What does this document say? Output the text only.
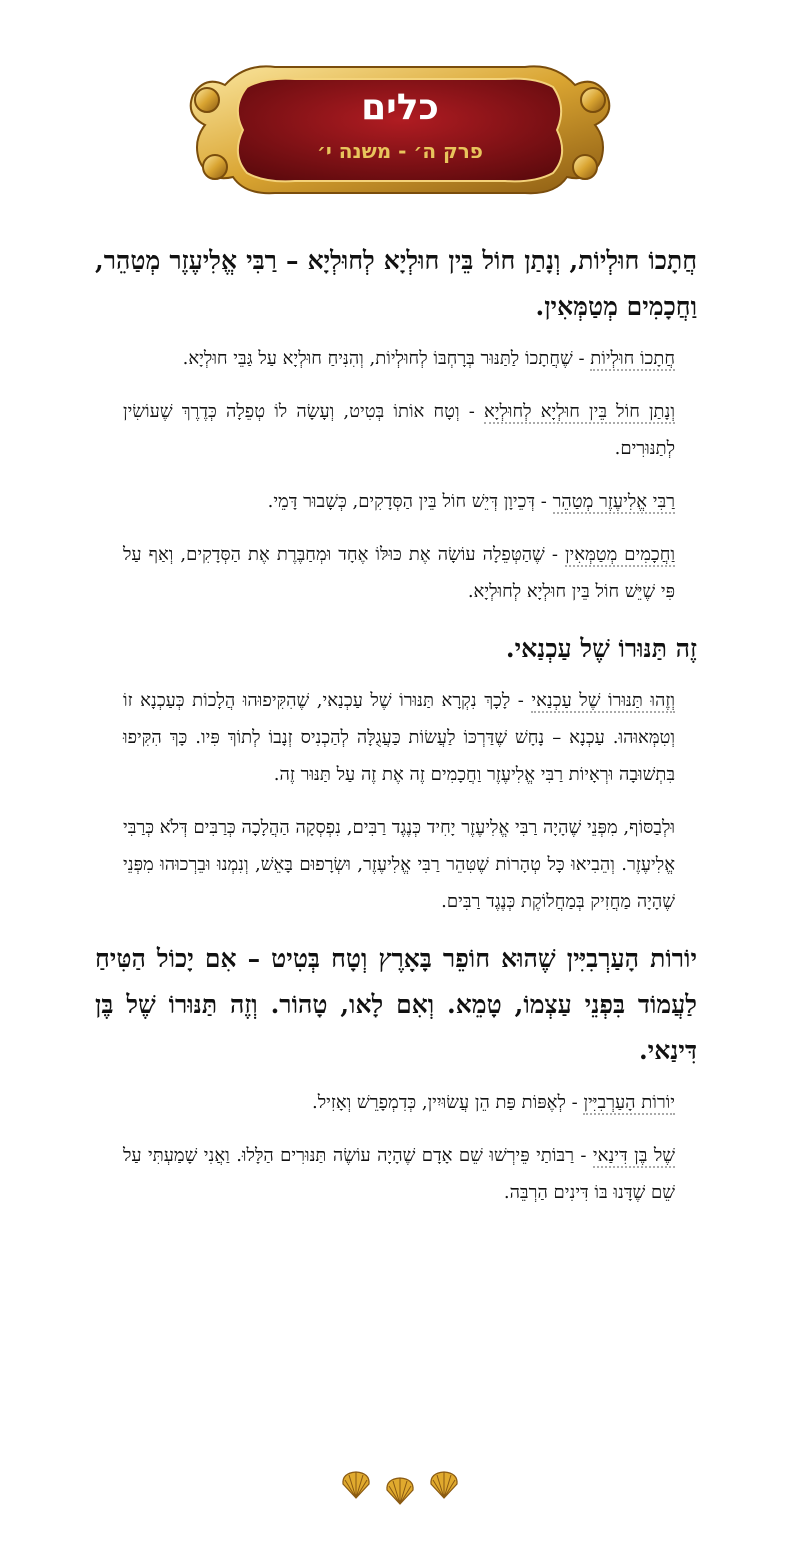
כלים
פרק ה׳ - משנה י׳

חֲתָכוֹ חוּלְיוֹת, וְנָתַן חוֹל בֵּין חוּלְיָא לְחוּלְיָא – רַבִּי אֱלִיעֶזֶר מְטַהֵר, וַחֲכָמִים מְטַמְּאִין.

חֲתָכוֹ חוּלְיוֹת - שֶׁחֲתָכוֹ לַתַּנּוּר בְּרָחְבּוֹ לְחוּלְיוֹת, וְהִנִּיחַ חוּלְיָא עַל גַּבֵּי חוּלְיָא.

וְנָתַן חוֹל בֵּין חוּלְיָא לְחוּלְיָא - וְטָח אוֹתוֹ בְּטִיט, וְעָשָׂה לוֹ טְפֵלָה כְּדֶרֶךְ שֶׁעוֹשִׂין לְתַנּוּרִים.

רַבִּי אֱלִיעֶזֶר מְטַהֵר - דְּכֵיוָן דְּיֵשׁ חוֹל בֵּין הַסְּדָקִים, כְּשָׁבוּר דָּמֵי.

וַחֲכָמִים מְטַמְּאִין - שֶׁהַטְּפֵלָה עוֹשָׂה אֶת כּוּלּוֹ אֶחָד וּמְחַבֶּרֶת אֶת הַסְּדָקִים, וְאַף עַל פִּי שֶׁיֵּשׁ חוֹל בֵּין חוּלְיָא לְחוּלְיָא.

זֶה תַּנּוּרוֹ שֶׁל עַכְנַאי.

וְזֶהוּ תַּנּוּרוֹ שֶׁל עַכְנַאי - לָכָךְ נִקְרָא תַּנּוּרוֹ שֶׁל עַכְנַאי, שֶׁהִקִּיפוּהוּ הֲלָכוֹת כְּעַכְנָא זוֹ וְטִמְּאוּהוּ. עַכְנָא – נָחָשׁ שֶׁדַּרְכּוֹ לַעֲשׂוֹת כַּעֲגֻלָּה לְהַכְנִיס זְנָבוֹ לְתוֹךְ פִּיו. כָּךְ הִקִּיפוּ בִּתְשׁוּבָה וּרְאָיוֹת רַבִּי אֱלִיעֶזֶר וַחֲכָמִים זֶה אֶת זֶה עַל תַּנּוּר זֶה.

וּלְבַסּוֹף, מִפְּנֵי שֶׁהָיָה רַבִּי אֱלִיעֶזֶר יָחִיד כְּנֶגֶד רַבִּים, נִפְסְקָה הַהֲלָכָה כְּרַבִּים דְּלֹא כְּרַבִּי אֱלִיעֶזֶר. וְהֵבִיאוּ כָּל טְהָרוֹת שֶׁטִּהֵר רַבִּי אֱלִיעֶזֶר, וּשְׂרָפוּם בָּאֵשׁ, וְנִמְנוּ וּבֵרְכוּהוּ מִפְּנֵי שֶׁהָיָה מַחֲזִיק בְּמַחֲלוֹקֶת כְּנֶגֶד רַבִּים.

יוֹרוֹת הָעַרְבִיִּין שֶׁהוּא חוֹפֵר בָּאָרֶץ וְטָח בְּטִיט – אִם יָכוֹל הַטִּיחַ לַעֲמוֹד בִּפְנֵי עַצְמוֹ, טָמֵא. וְאִם לָאו, טָהוֹר. וְזֶה תַּנּוּרוֹ שֶׁל בֶּן דִּינַאי.

יוֹרוֹת הָעַרְבִיִּין - לְאֶפּוֹת פַּת הֵן עֲשׂוּיִין, כְּדִמְפָרֵשׁ וְאָזִיל.

שֶׁל בֶּן דִּינַאי - רַבּוֹתַי פֵּירְשׁוּ שֵׁם אָדָם שֶׁהָיָה עוֹשֶׂה תַּנּוּרִים הַלָּלוּ. וַאֲנִי שָׁמַעְתִּי עַל שֵׁם שֶׁדָּנוּ בּוֹ דִּינִים הַרְבֵּה.
